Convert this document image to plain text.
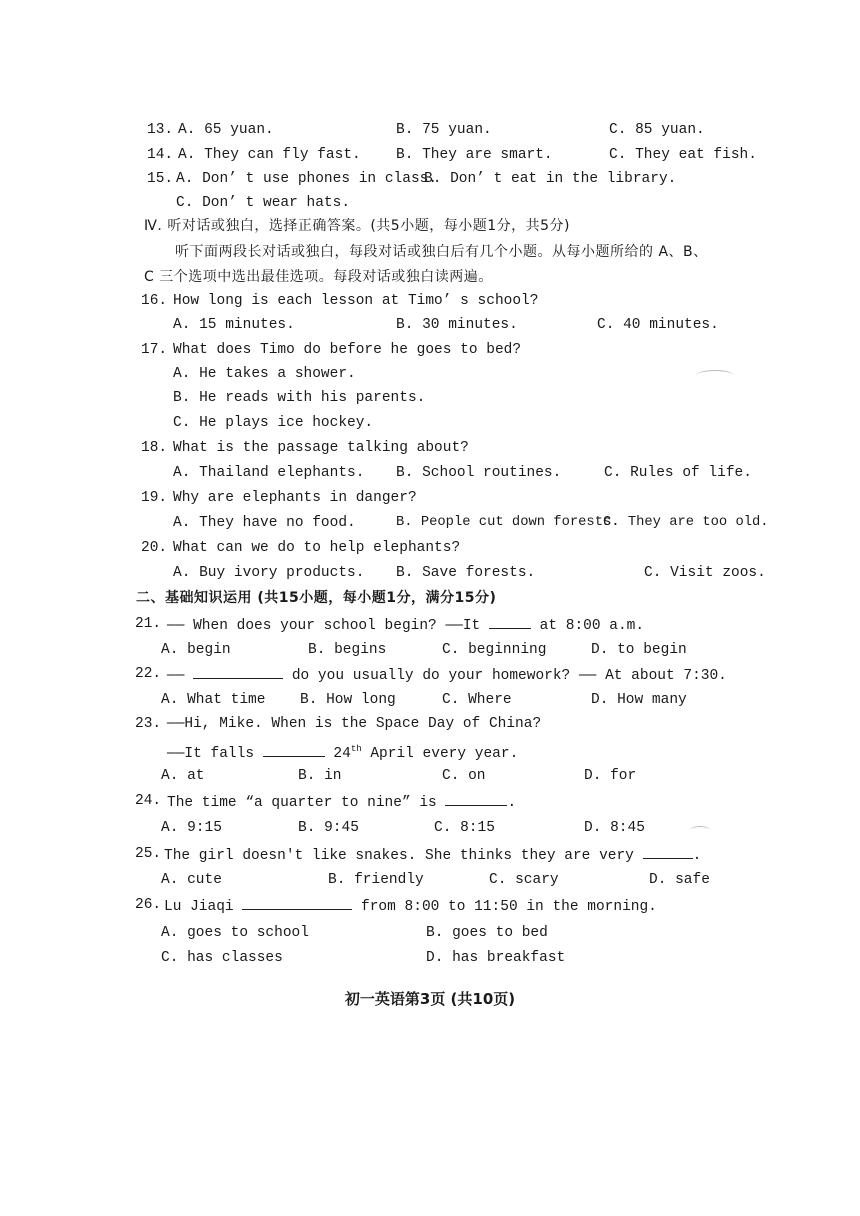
13. A. 65 yuan.	B. 75 yuan.	C. 85 yuan.
14. A. They can fly fast. B. They are smart.	C. They eat fish.
15. A. Don’ t use phones in class.
B. Don’ t eat in the library.
C. Don’ t wear hats.
Ⅳ. 听对话或独白，选择正确答案。(共5小题，每小题1分，共5分)
听下面两段长对话或独白，每段对话或独白后有几个小题。从每小题所给的 A、B、
C 三个选项中选出最佳选项。每段对话或独白读两遍。
16. How long is each lesson at Timo’ s school?
A. 15 minutes.	B. 30 minutes.	C. 40 minutes.
17. What does Timo do before he goes to bed?
A. He takes a shower.
B. He reads with his parents.
C. He plays ice hockey.
18. What is the passage talking about?
A. Thailand elephants. B. School routines.	C. Rules of life.
19. Why are elephants in danger?
A. They have no food.	B. People cut down forests.
C. They are too old.
20. What can we do to help elephants?
A. Buy ivory products. B. Save forests.	C. Visit zoos.
二、基础知识运用 (共15小题，每小题1分，满分15分)
21. —— When does your school begin? ——It	at 8:00 a.m.
A. begin	B. begins	C. beginning	D. to begin
22. ——	do you usually do your homework? —— At about 7:30.
A. What time B. How long	C. Where	D. How many
23. ——Hi, Mike. When is the Space Day of China?
——It falls	24th April every year.
A. at	B. in	C. on	D. for
24. The time “a quarter to nine” is	.
A. 9:15	B. 9:45	C. 8:15	D. 8:45
25. The girl doesn't like snakes. She thinks they are very	.
A. cute	B. friendly	C. scary	D. safe
26. Lu Jiaqi	from 8:00 to 11:50 in the morning.
A. goes to school	B. goes to bed
C. has classes	D. has breakfast
初一英语第3页 (共10页)
